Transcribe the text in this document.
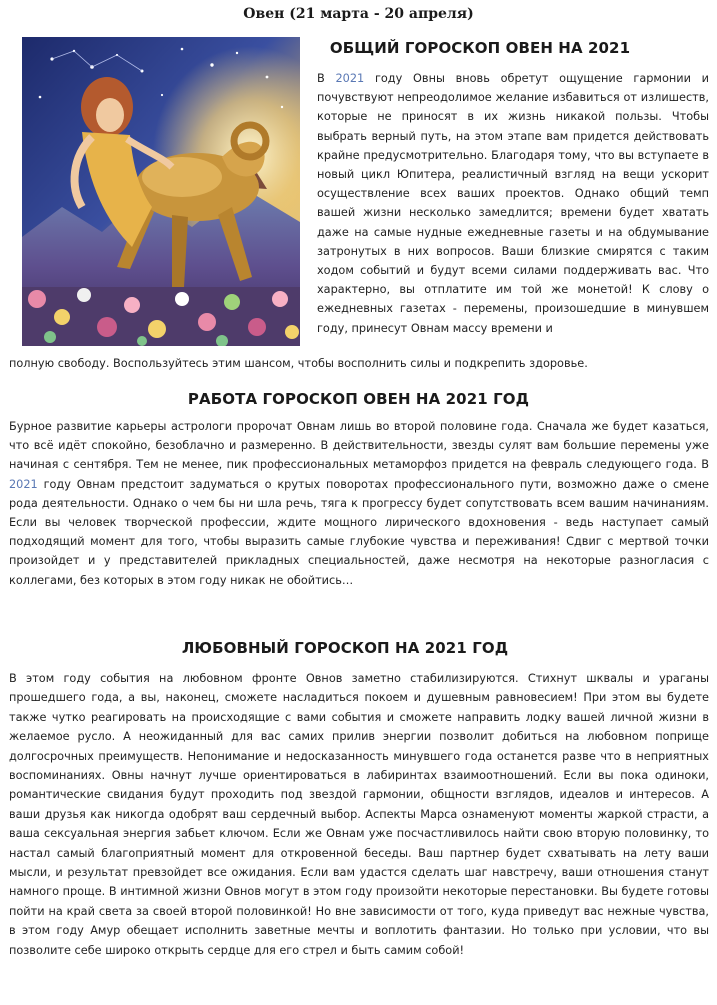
Овен (21 марта - 20 апреля)
ОБЩИЙ ГОРОСКОП ОВЕН НА 2021

В 2021 году Овны вновь обретут ощущение гармонии и почувствуют непреодолимое желание избавиться от излишеств, которые не приносят в их жизнь никакой пользы. Чтобы выбрать верный путь, на этом этапе вам придется действовать крайне предусмотрительно. Благодаря тому, что вы вступаете в новый цикл Юпитера, реалистичный взгляд на вещи ускорит осуществление всех ваших проектов. Однако общий темп вашей жизни несколько замедлится; времени будет хватать даже на самые нудные ежедневные газеты и на обдумывание затронутых в них вопросов. Ваши близкие смирятся с таким ходом событий и будут всеми силами поддерживать вас. Что характерно, вы отплатите им той же монетой! К слову о ежедневных газетах - перемены, произошедшие в минувшем году, принесут Овнам массу времени и

полную свободу. Воспользуйтесь этим шансом, чтобы восполнить силы и подкрепить здоровье.

РАБОТА ГОРОСКОП ОВЕН НА 2021 ГОД

Бурное развитие карьеры астрологи пророчат Овнам лишь во второй половине года. Сначала же будет казаться, что всё идёт спокойно, безоблачно и размеренно. В действительности, звезды сулят вам большие перемены уже начиная с сентября. Тем не менее, пик профессиональных метаморфоз придется на февраль следующего года. В 2021 году Овнам предстоит задуматься о крутых поворотах профессионального пути, возможно даже о смене рода деятельности. Однако о чем бы ни шла речь, тяга к прогрессу будет сопутствовать всем вашим начинаниям. Если вы человек творческой профессии, ждите мощного лирического вдохновения - ведь наступает самый подходящий момент для того, чтобы выразить самые глубокие чувства и переживания! Сдвиг с мертвой точки произойдет и у представителей прикладных специальностей, даже несмотря на некоторые разногласия с коллегами, без которых в этом году никак не обойтись…

ЛЮБОВНЫЙ ГОРОСКОП НА 2021 ГОД

В этом году события на любовном фронте Овнов заметно стабилизируются. Стихнут шквалы и ураганы прошедшего года, а вы, наконец, сможете насладиться покоем и душевным равновесием! При этом вы будете также чутко реагировать на происходящие с вами события и сможете направить лодку вашей личной жизни в желаемое русло. А неожиданный для вас самих прилив энергии позволит добиться на любовном поприще долгосрочных преимуществ. Непонимание и недосказанность минувшего года останется разве что в неприятных воспоминаниях. Овны начнут лучше ориентироваться в лабиринтах взаимоотношений. Если вы пока одиноки, романтические свидания будут проходить под звездой гармонии, общности взглядов, идеалов и интересов. А ваши друзья как никогда одобрят ваш сердечный выбор. Аспекты Марса ознаменуют моменты жаркой страсти, а ваша сексуальная энергия забьет ключом. Если же Овнам уже посчастливилось найти свою вторую половинку, то настал самый благоприятный момент для откровенной беседы. Ваш партнер будет схватывать на лету ваши мысли, и результат превзойдет все ожидания. Если вам удастся сделать шаг навстречу, ваши отношения станут намного проще. В интимной жизни Овнов могут в этом году произойти некоторые перестановки. Вы будете готовы пойти на край света за своей второй половинкой! Но вне зависимости от того, куда приведут вас нежные чувства, в этом году Амур обещает исполнить заветные мечты и воплотить фантазии. Но только при условии, что вы позволите себе широко открыть сердце для его стрел и быть самим собой!
